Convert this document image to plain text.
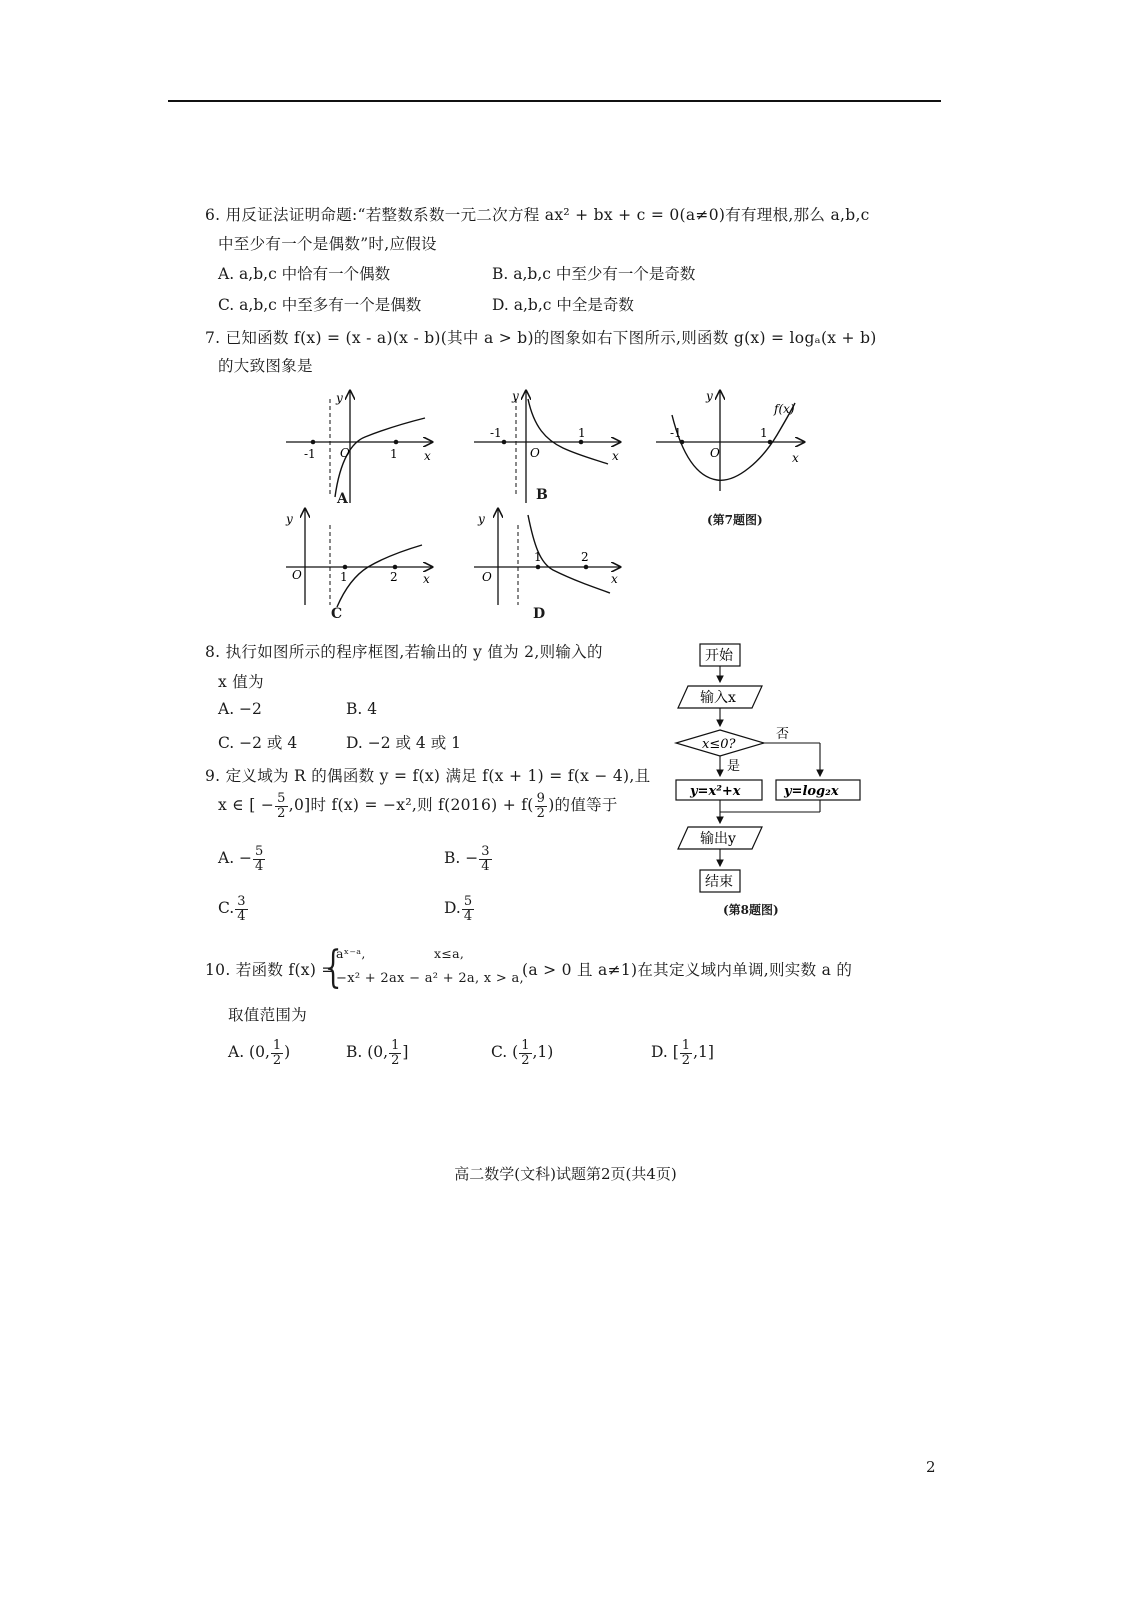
6. 用反证法证明命题:“若整数系数一元二次方程 ax² + bx + c = 0(a≠0)有有理根,那么 a,b,c
中至少有一个是偶数”时,应假设
A. a,b,c 中恰有一个偶数	B. a,b,c 中至少有一个是奇数
C. a,b,c 中至多有一个是偶数	D. a,b,c 中全是奇数
7. 已知函数 f(x) = (x - a)(x - b)(其中 a > b)的图象如右下图所示,则函数 g(x) = logₐ(x + b)
的大致图象是
-1	1
O	x
y
A
-1	1
O	x
y
B
-1	1
O	x
y
f(x)
(第7题图)
1	2
O	x
y
C
1	2
O	x
y
D
8. 执行如图所示的程序框图,若输出的 y 值为 2,则输入的
x 值为
A. −2	B. 4
C. −2 或 4	D. −2 或 4 或 1
开始
输入x
x≤0?
否
是
y=x²+x	y=log₂x
输出y
结束
(第8题图)
9. 定义域为 R 的偶函数 y = f(x) 满足 f(x + 1) = f(x − 4),且
x ∈ [ − $\frac{5}{2} ,0$]时 f(x) = −x²,则 $f(2016) + f( \frac{9}{2}$ )的值等于
A. − $\frac{5}{4}$	B. − $\frac{3}{4}$
C. $\frac{3}{4}$	D. $\frac{5}{4}$
10. 若函数 f(x) =
{
aˣ⁻ᵃ,                x≤a,
−x² + 2ax − a² + 2a, x > a,
(a > 0 且 a≠1)在其定义域内单调,则实数 a 的
取值范围为
A. (0, $\frac{1}{2}$ )	B. (0, $\frac{1}{2}$ ]	C. ( $\frac{1}{2} ,1$)	D. [ $\frac{1}{2} ,1$]
高二数学(文科)试题第2页(共4页)
2
